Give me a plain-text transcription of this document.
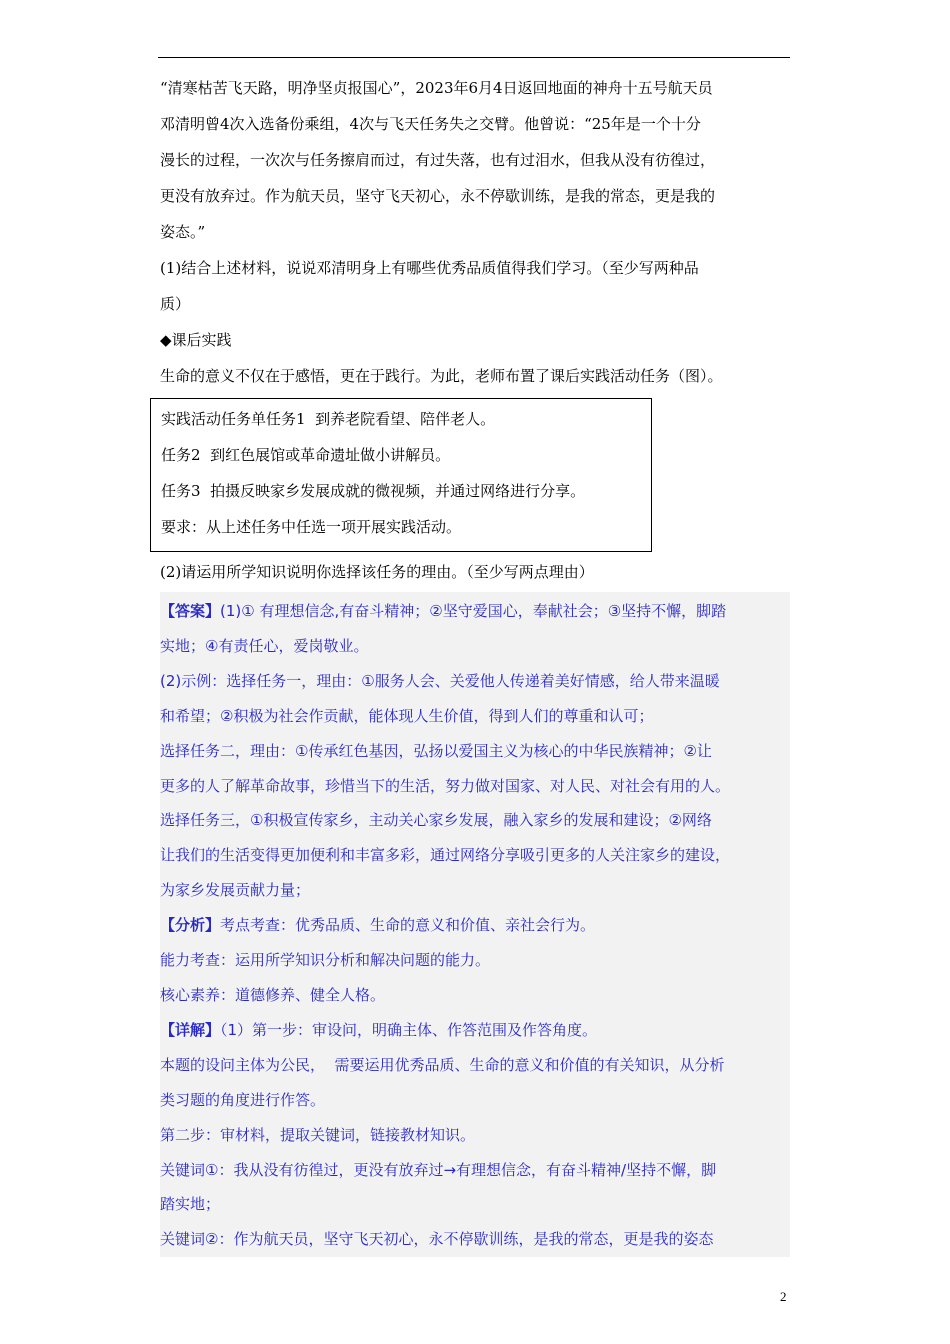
“清寒枯苦飞天路，明净坚贞报国心”，2023年6月4日返回地面的神舟十五号航天员
邓清明曾4次入选备份乘组，4次与飞天任务失之交臂。他曾说：“25年是一个十分
漫长的过程，一次次与任务擦肩而过，有过失落，也有过泪水，但我从没有彷徨过，
更没有放弃过。作为航天员，坚守飞天初心，永不停歇训练，是我的常态，更是我的
姿态。”
(1)结合上述材料，说说邓清明身上有哪些优秀品质值得我们学习。（至少写两种品
质）
◆课后实践
生命的意义不仅在于感悟，更在于践行。为此，老师布置了课后实践活动任务（图）。
实践活动任务单任务1  到养老院看望、陪伴老人。
任务2  到红色展馆或革命遗址做小讲解员。
任务3  拍摄反映家乡发展成就的微视频，并通过网络进行分享。
要求：从上述任务中任选一项开展实践活动。
(2)请运用所学知识说明你选择该任务的理由。（至少写两点理由）
【答案】(1)① 有理想信念,有奋斗精神；②坚守爱国心，奉献社会；③坚持不懈，脚踏
实地；④有责任心，爱岗敬业。
(2)示例：选择任务一，理由：①服务人会、关爱他人传递着美好情感，给人带来温暖
和希望；②积极为社会作贡献，能体现人生价值，得到人们的尊重和认可；
选择任务二，理由：①传承红色基因，弘扬以爱国主义为核心的中华民族精神；②让
更多的人了解革命故事，珍惜当下的生活，努力做对国家、对人民、对社会有用的人。
选择任务三，①积极宣传家乡，主动关心家乡发展，融入家乡的发展和建设；②网络
让我们的生活变得更加便利和丰富多彩，通过网络分享吸引更多的人关注家乡的建设，
为家乡发展贡献力量；
【分析】考点考查：优秀品质、生命的意义和价值、亲社会行为。
能力考查：运用所学知识分析和解决问题的能力。
核心素养：道德修养、健全人格。
【详解】（1）第一步：审设问，明确主体、作答范围及作答角度。
本题的设问主体为公民，  需要运用优秀品质、生命的意义和价值的有关知识，从分析
类习题的角度进行作答。
第二步：审材料，提取关键词，链接教材知识。
关键词①：我从没有彷徨过，更没有放弃过→有理想信念，有奋斗精神/坚持不懈，脚
踏实地；
关键词②：作为航天员，坚守飞天初心，永不停歇训练，是我的常态，更是我的姿态
2
